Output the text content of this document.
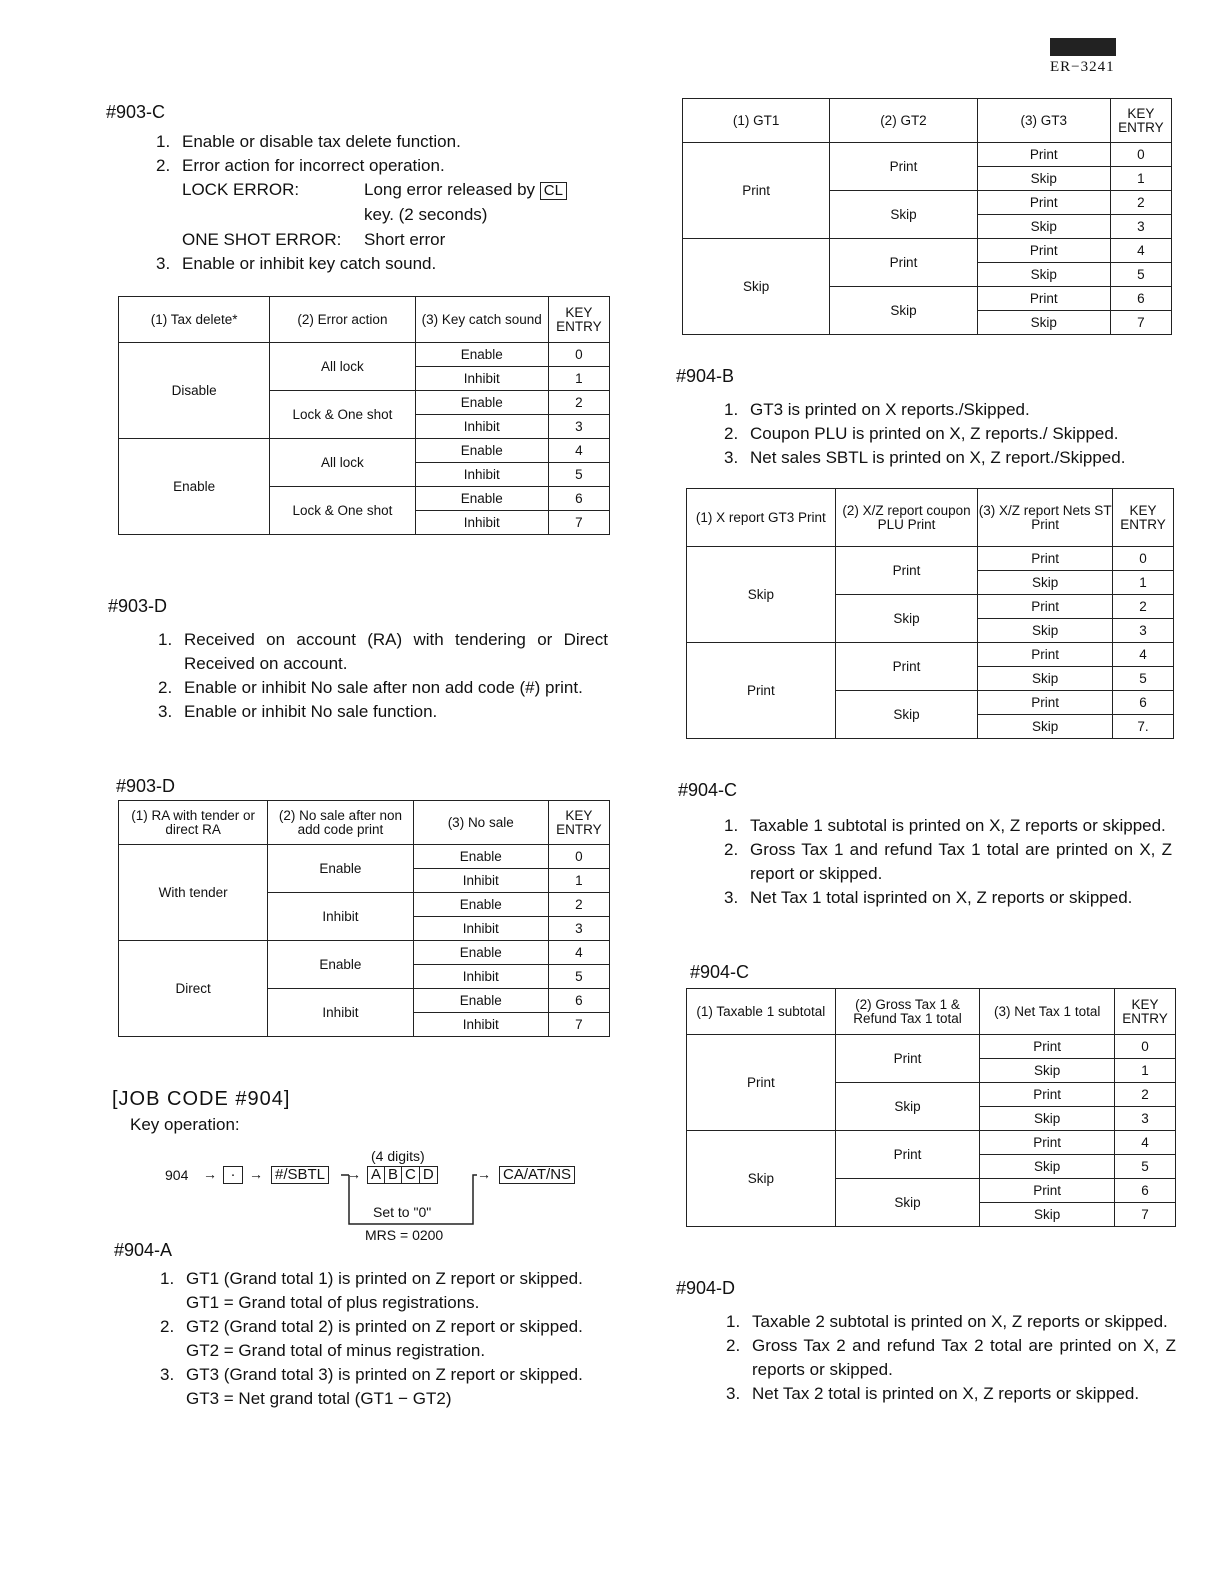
ER−3241
#903-C
1. Enable or disable tax delete function.
2. Error action for incorrect operation.
LOCK ERROR:	Long error released by CL
key. (2 seconds)
ONE SHOT ERROR: Short error
3. Enable or inhibit key catch sound.
(1) Tax delete*	(2) Error action	(3) Key catch sound	KEY ENTRY
Disable	All lock	Enable	0
		Inhibit	1
	Lock & One shot	Enable	2
		Inhibit	3
Enable	All lock	Enable	4
		Inhibit	5
	Lock & One shot	Enable	6
		Inhibit	7
#903-D
1. Received on account (RA) with tendering or Direct Received on account.
2. Enable or inhibit No sale after non add code (#) print.
3. Enable or inhibit No sale function.
#903-D
(1) RA with tender or direct RA	(2) No sale after non add code print	(3) No sale	KEY ENTRY
With tender	Enable	Enable	0
		Inhibit	1
	Inhibit	Enable	2
		Inhibit	3
Direct	Enable	Enable	4
		Inhibit	5
	Inhibit	Enable	6
		Inhibit	7
[JOB CODE #904]
Key operation:
904 → · → #/SBTL
(4 digits)
→ A B C D	→ CA/AT/NS
Set to "0"
MRS = 0200
#904-A
1. GT1 (Grand total 1) is printed on Z report or skipped.
GT1 = Grand total of plus registrations.
2. GT2 (Grand total 2) is printed on Z report or skipped.
GT2 = Grand total of minus registration.
3. GT3 (Grand total 3) is printed on Z report or skipped.
GT3 = Net grand total (GT1 − GT2)
(1) GT1	(2) GT2	(3) GT3	KEY ENTRY
Print	Print	Print	0
		Skip	1
	Skip	Print	2
		Skip	3
Skip	Print	Print	4
		Skip	5
	Skip	Print	6
		Skip	7
#904-B
1. GT3 is printed on X reports./Skipped.
2. Coupon PLU is printed on X, Z reports./ Skipped.
3. Net sales SBTL is printed on X, Z report./Skipped.
(1) X report GT3 Print	(2) X/Z report coupon PLU Print	(3) X/Z report Nets ST Print	KEY ENTRY
Skip	Print	Print	0
		Skip	1
	Skip	Print	2
		Skip	3
Print	Print	Print	4
		Skip	5
	Skip	Print	6
		Skip	7.
#904-C
1. Taxable 1 subtotal is printed on X, Z reports or skipped.
2. Gross Tax 1 and refund Tax 1 total are printed on X, Z report or skipped.
3. Net Tax 1 total isprinted on X, Z reports or skipped.
#904-C
(1) Taxable 1 subtotal	(2) Gross Tax 1 & Refund Tax 1 total	(3) Net Tax 1 total	KEY ENTRY
Print	Print	Print	0
		Skip	1
	Skip	Print	2
		Skip	3
Skip	Print	Print	4
		Skip	5
	Skip	Print	6
		Skip	7
#904-D
1. Taxable 2 subtotal is printed on X, Z reports or skipped.
2. Gross Tax 2 and refund Tax 2 total are printed on X, Z reports or skipped.
3. Net Tax 2 total is printed on X, Z reports or skipped.
